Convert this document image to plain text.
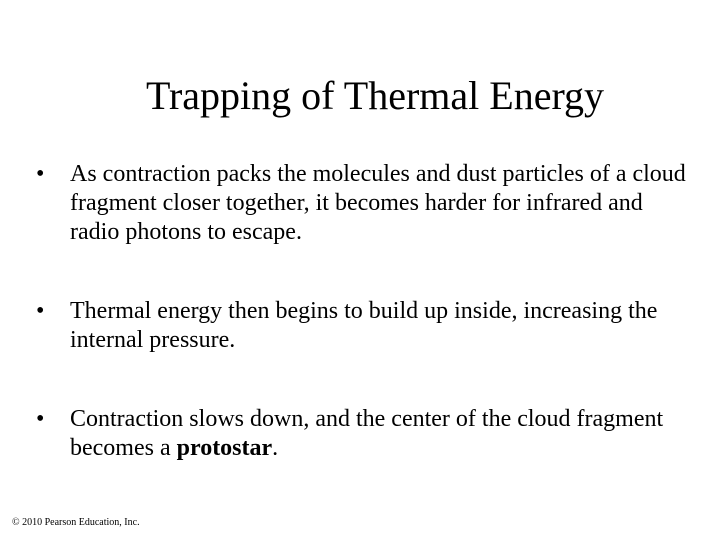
Trapping of Thermal Energy
• As contraction packs the molecules and dust particles of a cloud fragment closer together, it becomes harder for infrared and radio photons to escape.
• Thermal energy then begins to build up inside, increasing the internal pressure.
• Contraction slows down, and the center of the cloud fragment becomes a protostar.
© 2010 Pearson Education, Inc.
